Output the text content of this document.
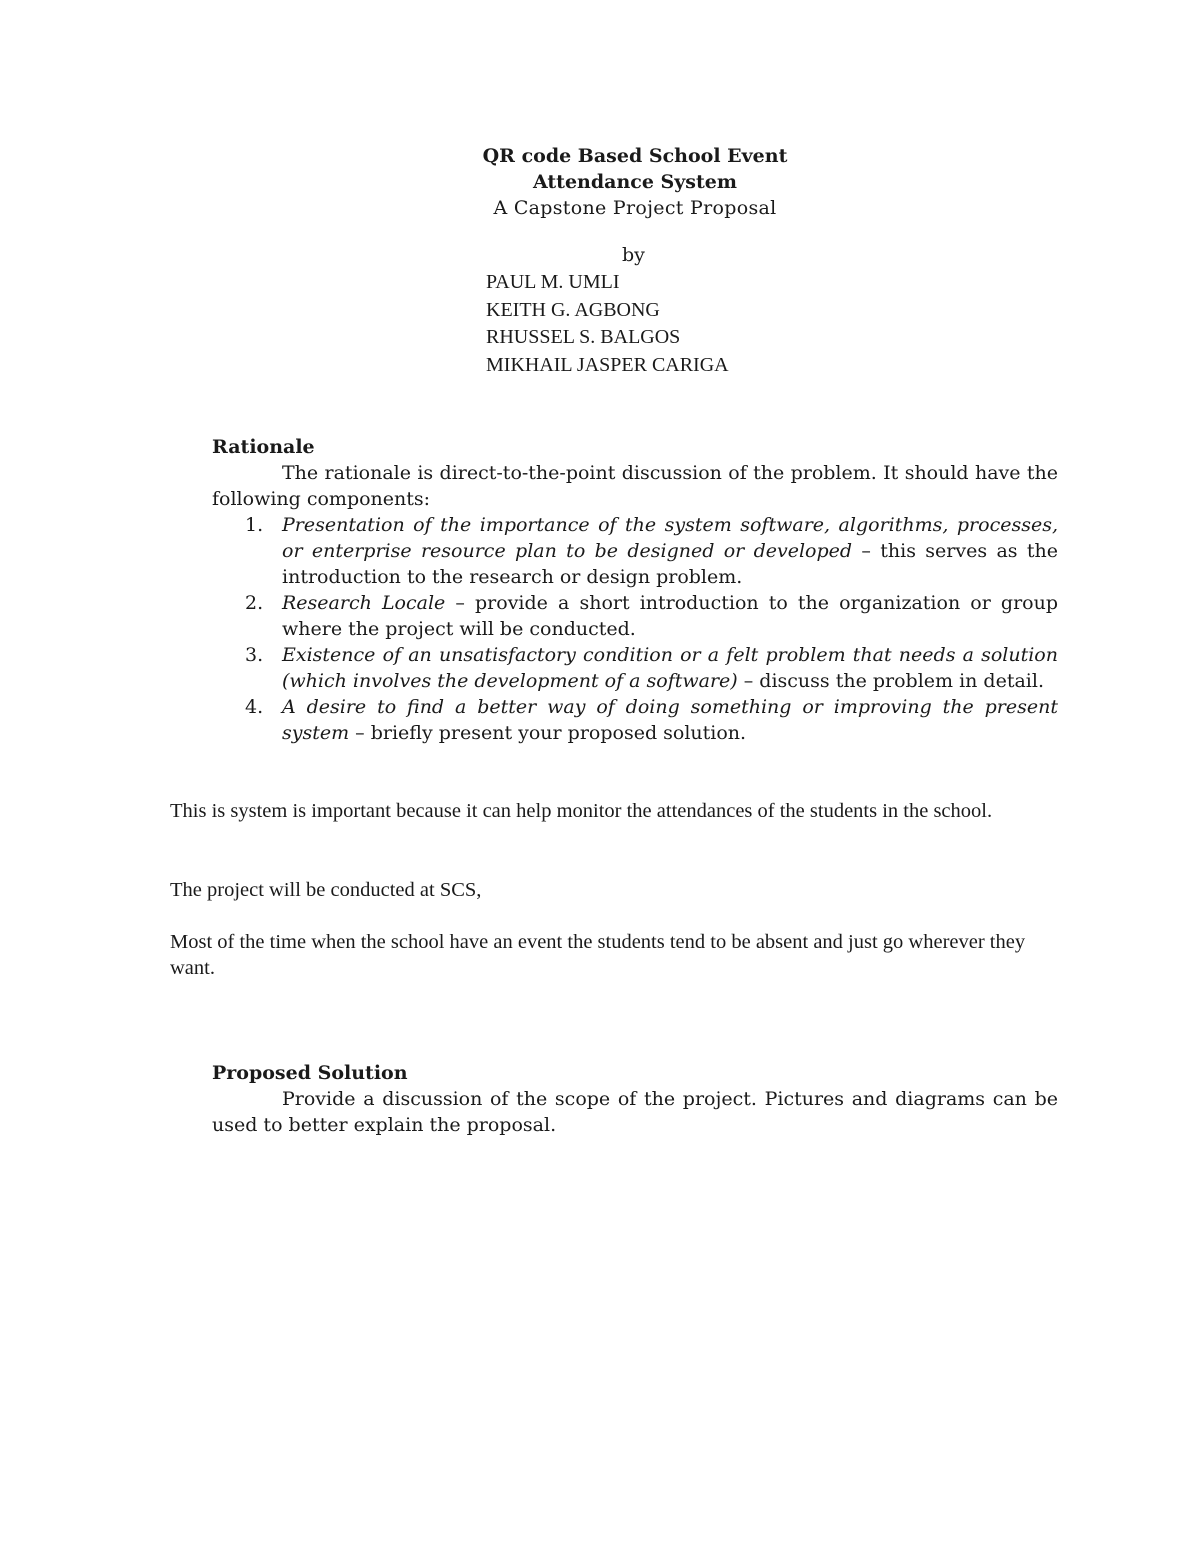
QR code Based School Event
Attendance System
A Capstone Project Proposal
by
PAUL M. UMLI
KEITH G. AGBONG
RHUSSEL S. BALGOS
MIKHAIL JASPER CARIGA
Rationale
The rationale is direct-to-the-point discussion of the problem. It should have the following components:
Presentation of the importance of the system software, algorithms, processes, or enterprise resource plan to be designed or developed – this serves as the introduction to the research or design problem.
Research Locale – provide a short introduction to the organization or group where the project will be conducted.
Existence of an unsatisfactory condition or a felt problem that needs a solution (which involves the development of a software) – discuss the problem in detail.
A desire to find a better way of doing something or improving the present system – briefly present your proposed solution.
This is system is important because it can help monitor the attendances of the students in the school.
The project will be conducted at SCS,
Most of the time when the school have an event the students tend to be absent and just go wherever they want.
Proposed Solution
Provide a discussion of the scope of the project. Pictures and diagrams can be used to better explain the proposal.
